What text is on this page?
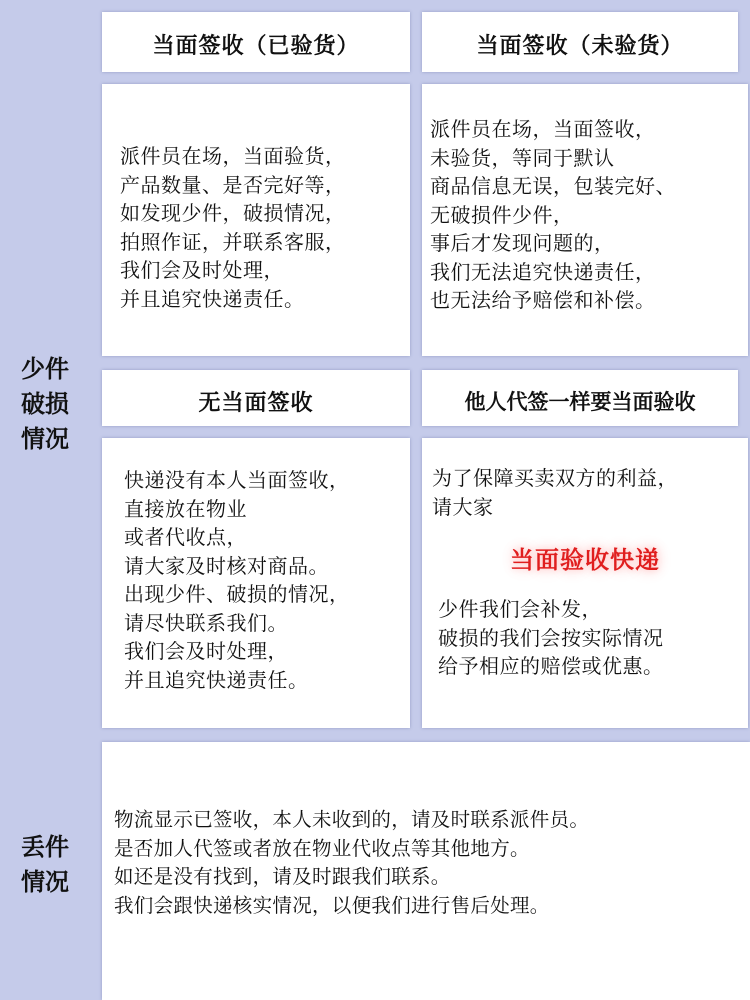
少件
破损
情况
丢件
情况
当面签收（已验货）	当面签收（未验货）
派件员在场，当面验货，
产品数量、是否完好等，
如发现少件，破损情况，
拍照作证，并联系客服，
我们会及时处理，
并且追究快递责任。
派件员在场，当面签收，
未验货，等同于默认
商品信息无误，包装完好、
无破损件少件，
事后才发现问题的，
我们无法追究快递责任，
也无法给予赔偿和补偿。
无当面签收	他人代签一样要当面验收
快递没有本人当面签收，
直接放在物业
或者代收点，
请大家及时核对商品。
出现少件、破损的情况，
请尽快联系我们。
我们会及时处理，
并且追究快递责任。
为了保障买卖双方的利益，
请大家
当面验收快递
少件我们会补发，
破损的我们会按实际情况
给予相应的赔偿或优惠。
物流显示已签收，本人未收到的，请及时联系派件员。
是否加人代签或者放在物业代收点等其他地方。
如还是没有找到，请及时跟我们联系。
我们会跟快递核实情况，以便我们进行售后处理。
